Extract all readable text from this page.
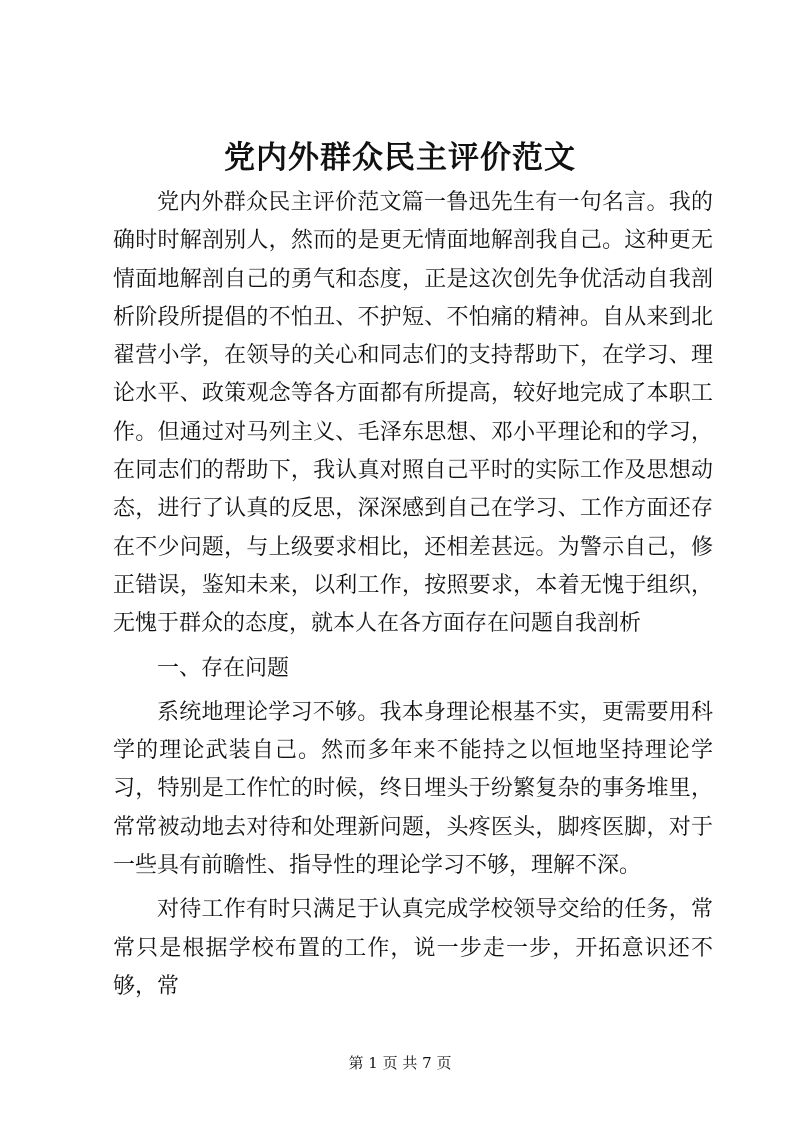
党内外群众民主评价范文

党内外群众民主评价范文篇一鲁迅先生有一句名言。我的确时时解剖别人，然而的是更无情面地解剖我自己。这种更无情面地解剖自己的勇气和态度，正是这次创先争优活动自我剖析阶段所提倡的不怕丑、不护短、不怕痛的精神。自从来到北翟营小学，在领导的关心和同志们的支持帮助下，在学习、理论水平、政策观念等各方面都有所提高，较好地完成了本职工作。但通过对马列主义、毛泽东思想、邓小平理论和的学习，在同志们的帮助下，我认真对照自己平时的实际工作及思想动态，进行了认真的反思，深深感到自己在学习、工作方面还存在不少问题，与上级要求相比，还相差甚远。为警示自己，修正错误，鉴知未来，以利工作，按照要求，本着无愧于组织，无愧于群众的态度，就本人在各方面存在问题自我剖析

一、存在问题

系统地理论学习不够。我本身理论根基不实，更需要用科学的理论武装自己。然而多年来不能持之以恒地坚持理论学习，特别是工作忙的时候，终日埋头于纷繁复杂的事务堆里，常常被动地去对待和处理新问题，头疼医头，脚疼医脚，对于一些具有前瞻性、指导性的理论学习不够，理解不深。

对待工作有时只满足于认真完成学校领导交给的任务，常常只是根据学校布置的工作，说一步走一步，开拓意识还不够，常

第 1 页 共 7 页
